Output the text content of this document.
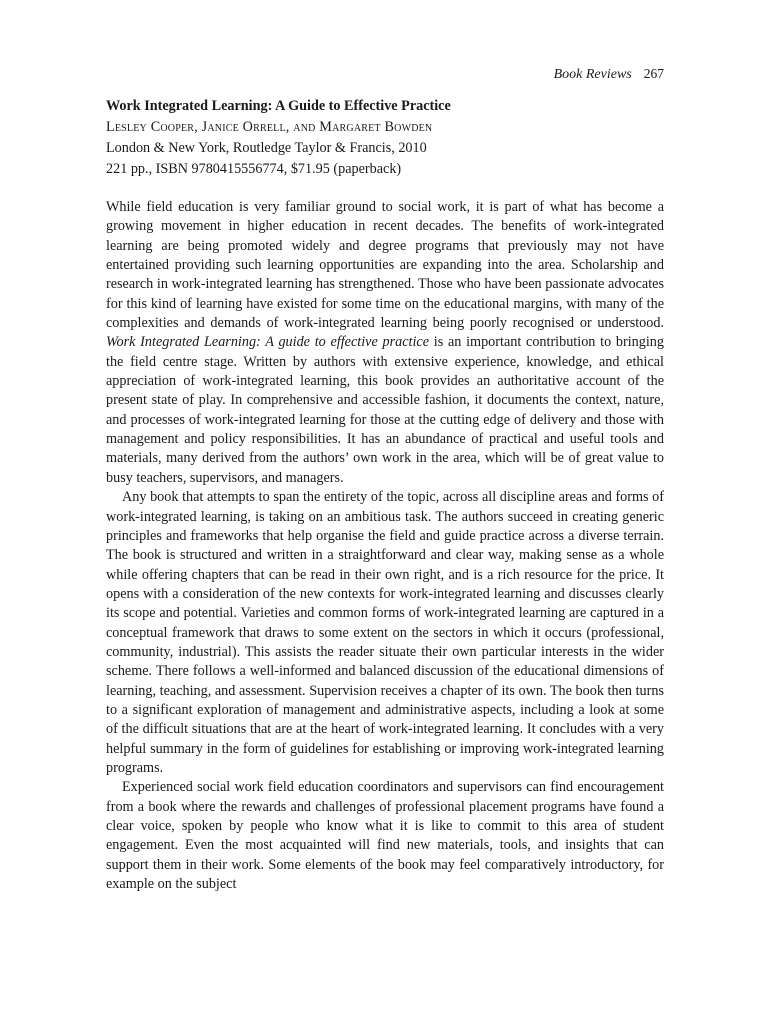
Book Reviews 267
Work Integrated Learning: A Guide to Effective Practice
Lesley Cooper, Janice Orrell, and Margaret Bowden
London & New York, Routledge Taylor & Francis, 2010
221 pp., ISBN 9780415556774, $71.95 (paperback)

While field education is very familiar ground to social work, it is part of what has become a growing movement in higher education in recent decades. The benefits of work-integrated learning are being promoted widely and degree programs that previously may not have entertained providing such learning opportunities are expanding into the area. Scholarship and research in work-integrated learning has strengthened. Those who have been passionate advocates for this kind of learning have existed for some time on the educational margins, with many of the complexities and demands of work-integrated learning being poorly recognised or understood. Work Integrated Learning: A guide to effective practice is an important contribution to bringing the field centre stage. Written by authors with extensive experience, knowledge, and ethical appreciation of work-integrated learning, this book provides an authoritative account of the present state of play. In comprehensive and accessible fashion, it documents the context, nature, and processes of work-integrated learning for those at the cutting edge of delivery and those with management and policy responsibilities. It has an abundance of practical and useful tools and materials, many derived from the authors’ own work in the area, which will be of great value to busy teachers, supervisors, and managers.

Any book that attempts to span the entirety of the topic, across all discipline areas and forms of work-integrated learning, is taking on an ambitious task. The authors succeed in creating generic principles and frameworks that help organise the field and guide practice across a diverse terrain. The book is structured and written in a straightforward and clear way, making sense as a whole while offering chapters that can be read in their own right, and is a rich resource for the price. It opens with a consideration of the new contexts for work-integrated learning and discusses clearly its scope and potential. Varieties and common forms of work-integrated learning are captured in a conceptual framework that draws to some extent on the sectors in which it occurs (professional, community, industrial). This assists the reader situate their own particular interests in the wider scheme. There follows a well-informed and balanced discussion of the educational dimensions of learning, teaching, and assessment. Supervision receives a chapter of its own. The book then turns to a significant exploration of management and administrative aspects, including a look at some of the difficult situations that are at the heart of work-integrated learning. It concludes with a very helpful summary in the form of guidelines for establishing or improving work-integrated learning programs.

Experienced social work field education coordinators and supervisors can find encouragement from a book where the rewards and challenges of professional placement programs have found a clear voice, spoken by people who know what it is like to commit to this area of student engagement. Even the most acquainted will find new materials, tools, and insights that can support them in their work. Some elements of the book may feel comparatively introductory, for example on the subject
